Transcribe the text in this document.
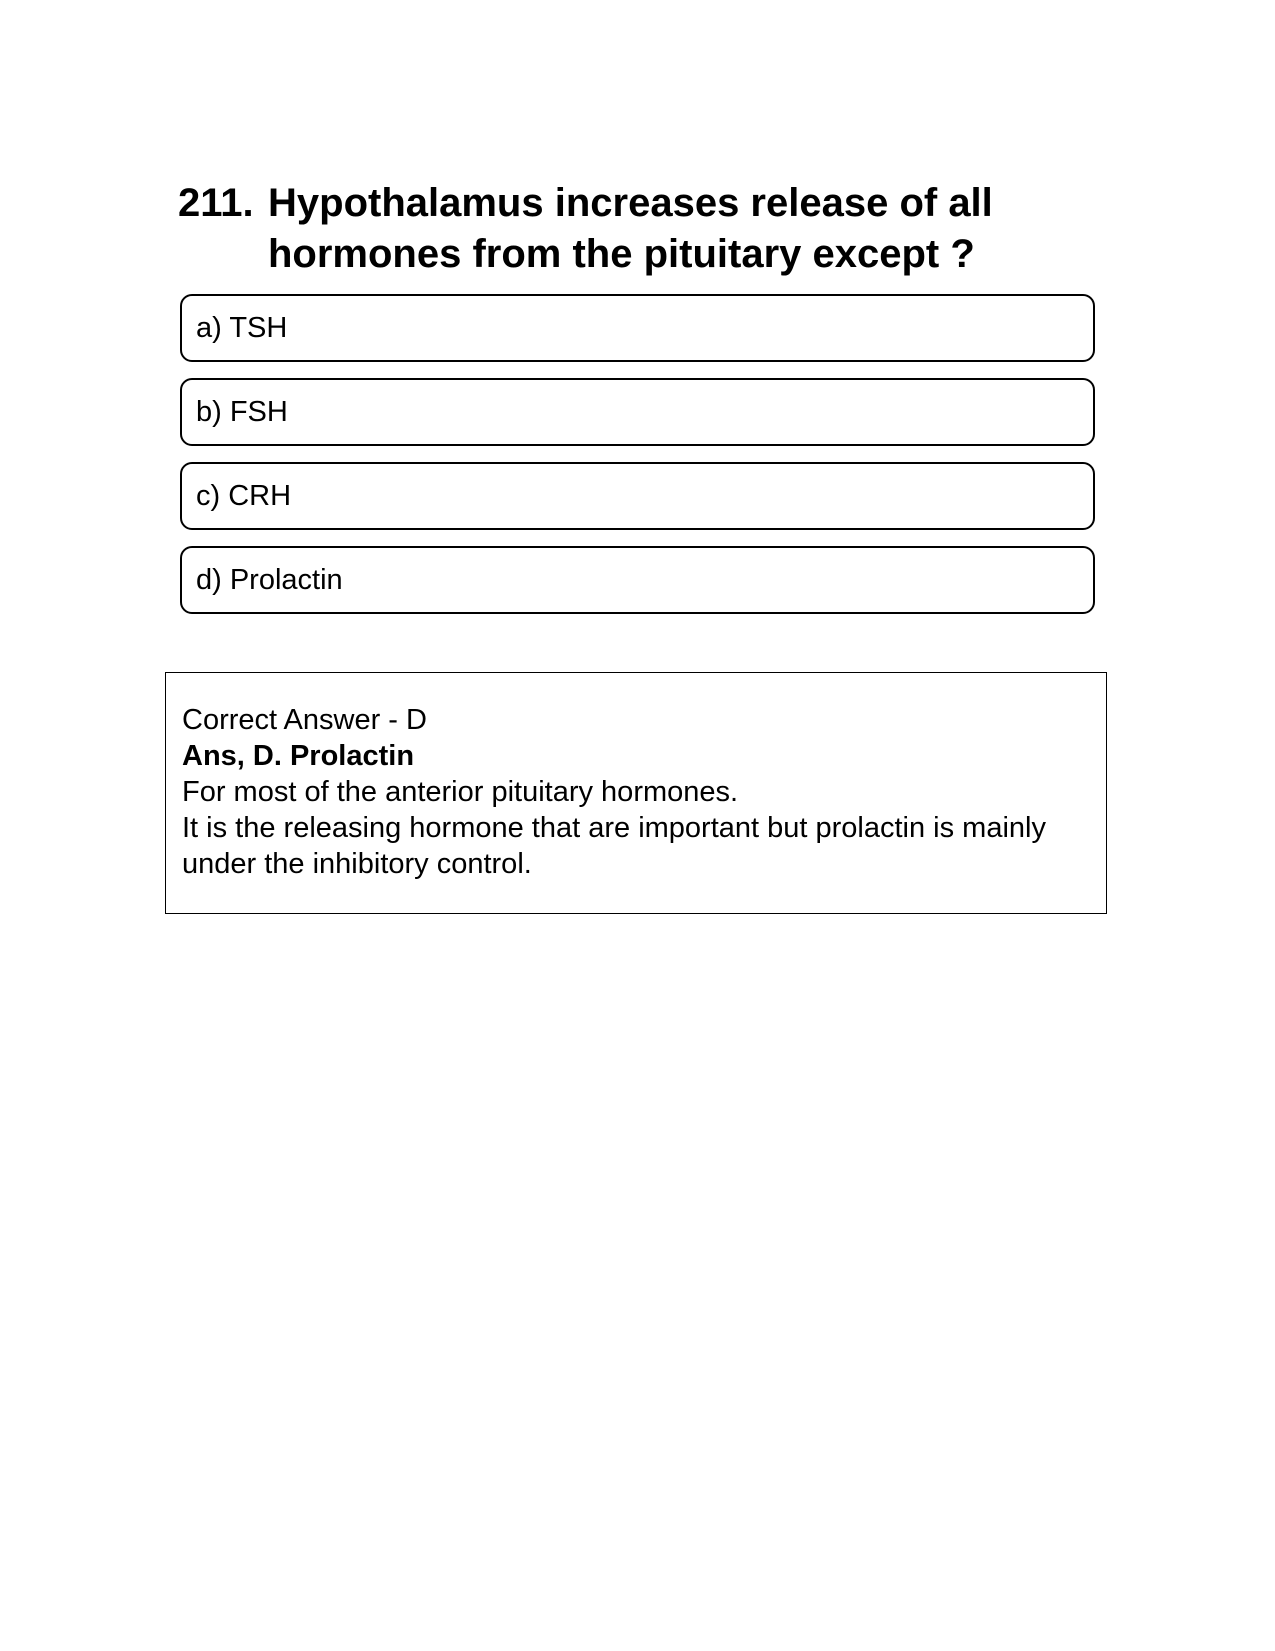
211. Hypothalamus increases release of all hormones from the pituitary except ?
a) TSH
b) FSH
c) CRH
d) Prolactin
Correct Answer - D
Ans, D. Prolactin
For most of the anterior pituitary hormones.
It is the releasing hormone that are important but prolactin is mainly under the inhibitory control.
